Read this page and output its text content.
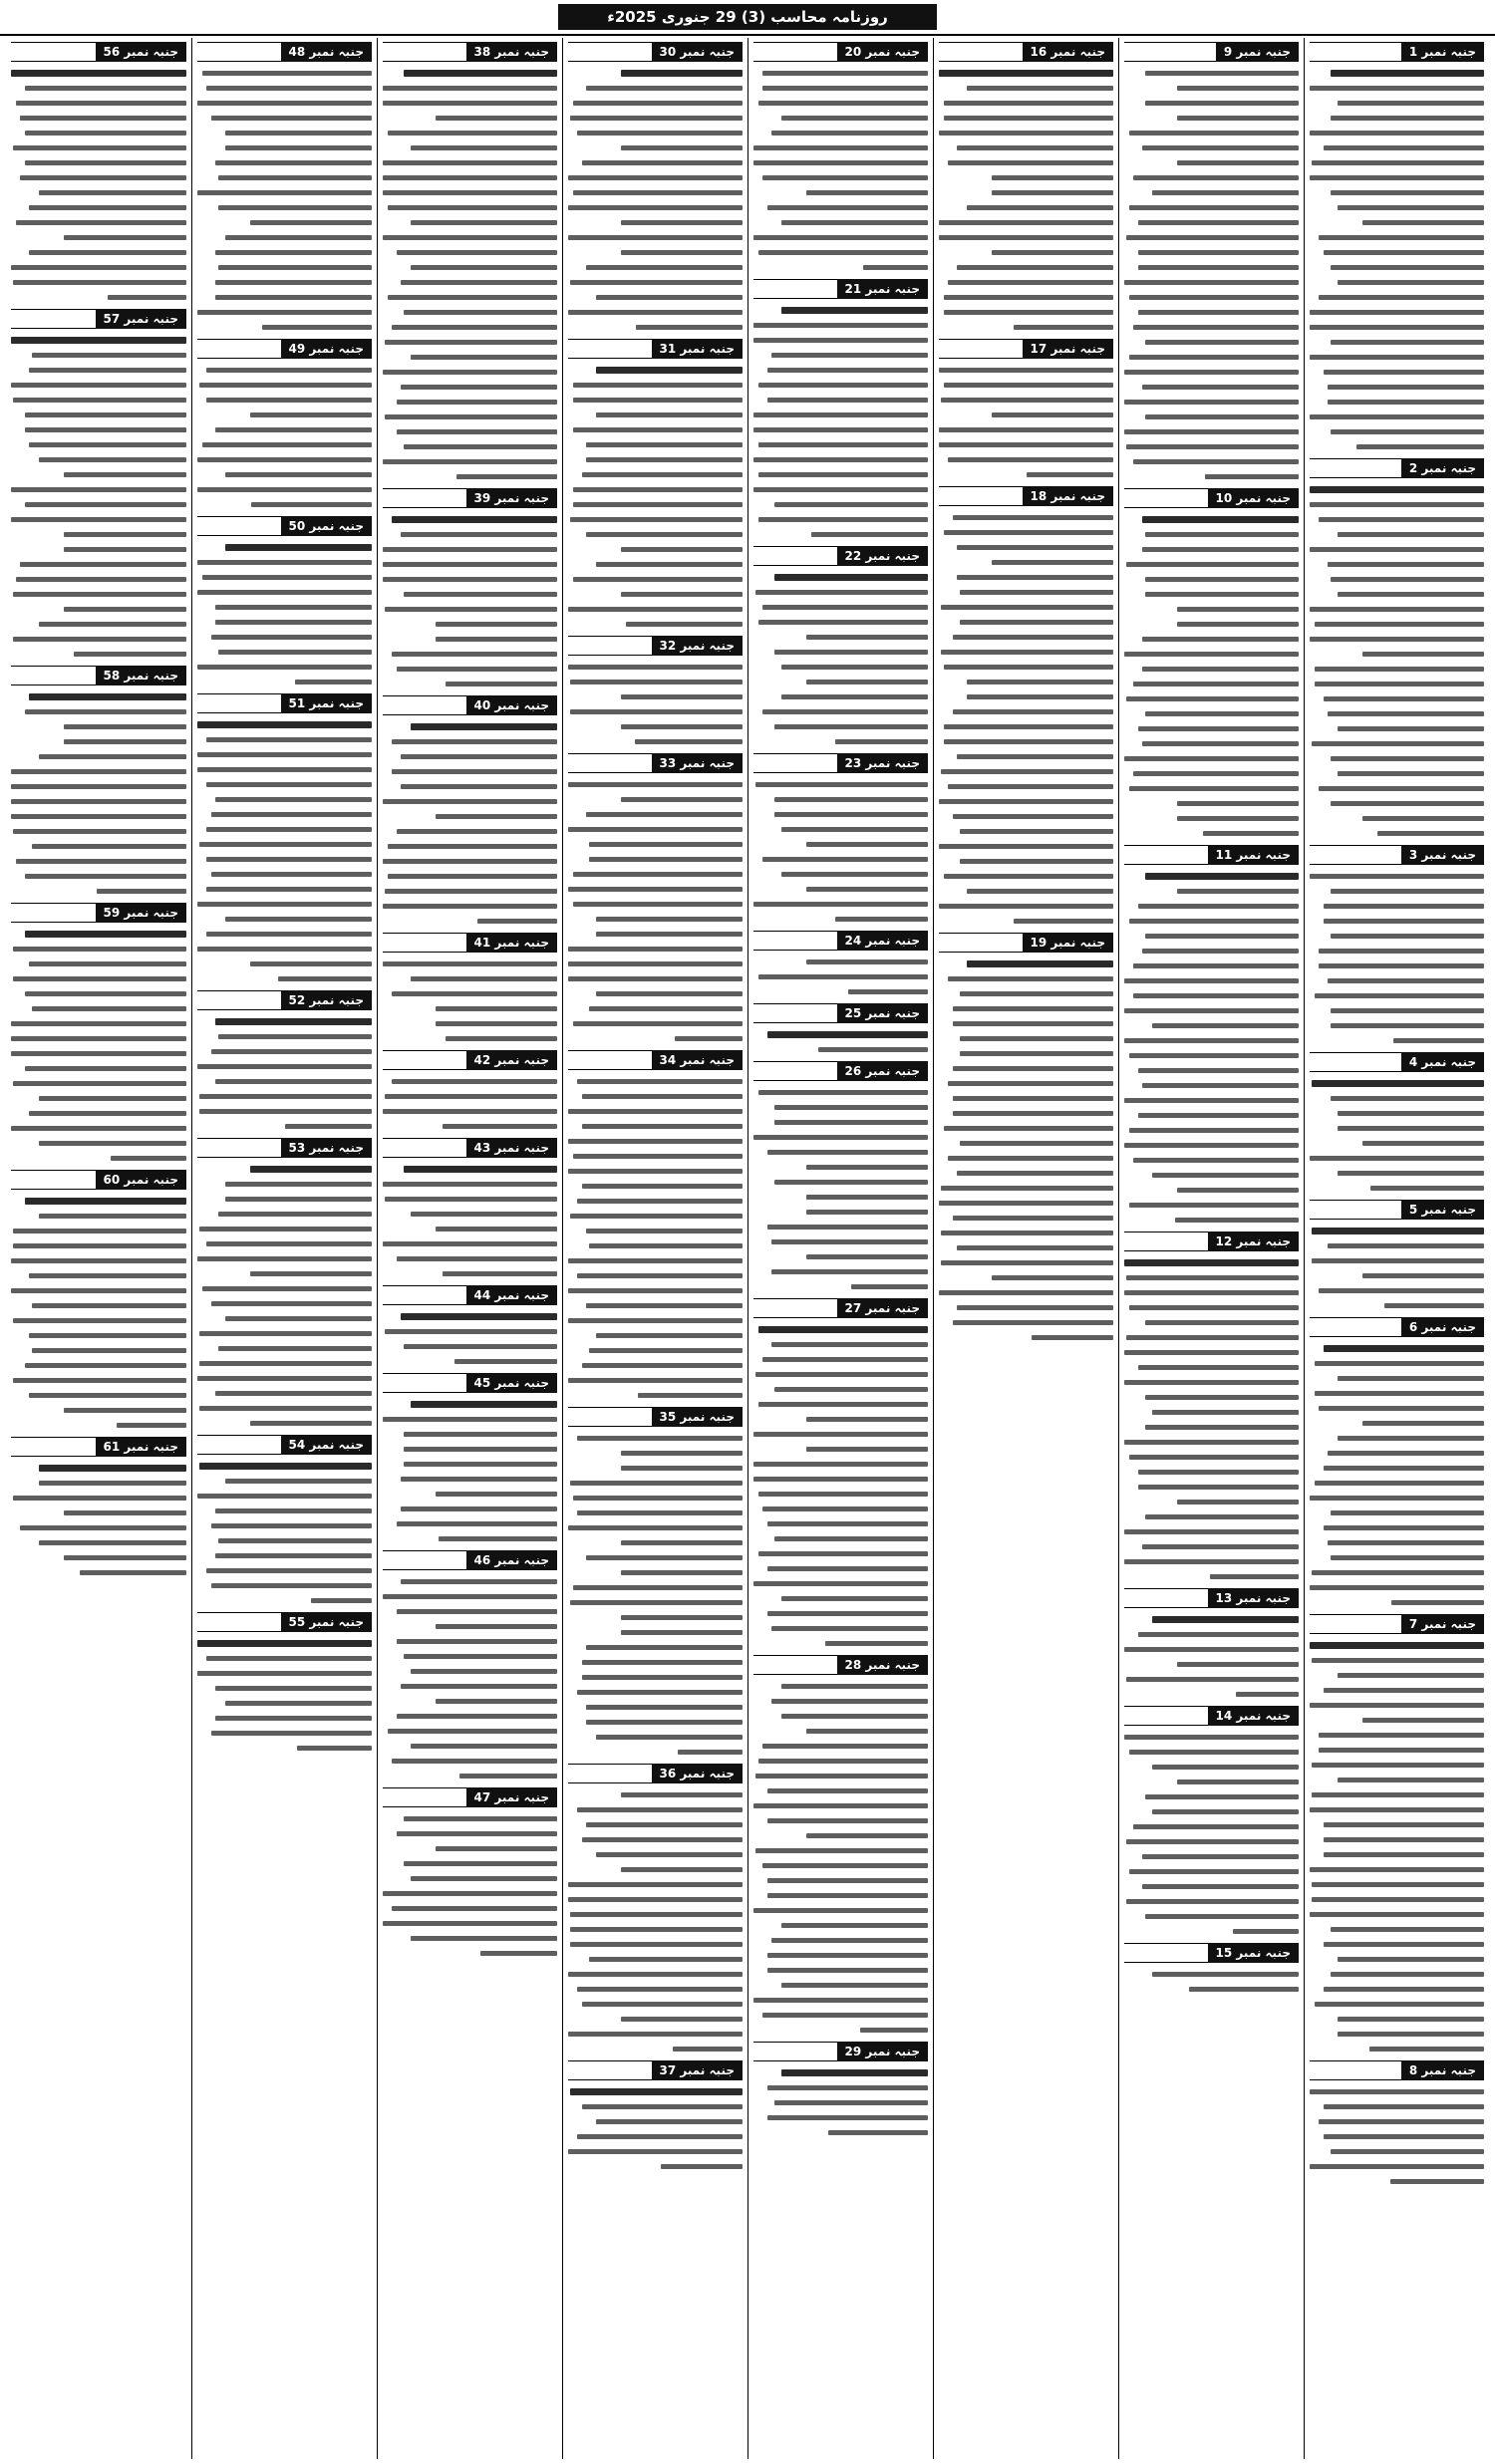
روزنامہ محاسب (3) 29 جنوری 2025ء
جنبہ نمبر 1
جنبہ نمبر 2
جنبہ نمبر 3
جنبہ نمبر 4
جنبہ نمبر 5
جنبہ نمبر 6
جنبہ نمبر 7
جنبہ نمبر 8
جنبہ نمبر 9
جنبہ نمبر 10
جنبہ نمبر 11
جنبہ نمبر 12
جنبہ نمبر 13
جنبہ نمبر 14
جنبہ نمبر 15
جنبہ نمبر 16
جنبہ نمبر 17
جنبہ نمبر 18
جنبہ نمبر 19
جنبہ نمبر 20
جنبہ نمبر 21
جنبہ نمبر 22
جنبہ نمبر 23
جنبہ نمبر 24
جنبہ نمبر 25
جنبہ نمبر 26
جنبہ نمبر 27
جنبہ نمبر 28
جنبہ نمبر 29
جنبہ نمبر 30
جنبہ نمبر 31
جنبہ نمبر 32
جنبہ نمبر 33
جنبہ نمبر 34
جنبہ نمبر 35
جنبہ نمبر 36
جنبہ نمبر 37
جنبہ نمبر 38
جنبہ نمبر 39
جنبہ نمبر 40
جنبہ نمبر 41
جنبہ نمبر 42
جنبہ نمبر 43
جنبہ نمبر 44
جنبہ نمبر 45
جنبہ نمبر 46
جنبہ نمبر 47
جنبہ نمبر 48
جنبہ نمبر 49
جنبہ نمبر 50
جنبہ نمبر 51
جنبہ نمبر 52
جنبہ نمبر 53
جنبہ نمبر 54
جنبہ نمبر 55
جنبہ نمبر 56
جنبہ نمبر 57
جنبہ نمبر 58
جنبہ نمبر 59
جنبہ نمبر 60
جنبہ نمبر 61
